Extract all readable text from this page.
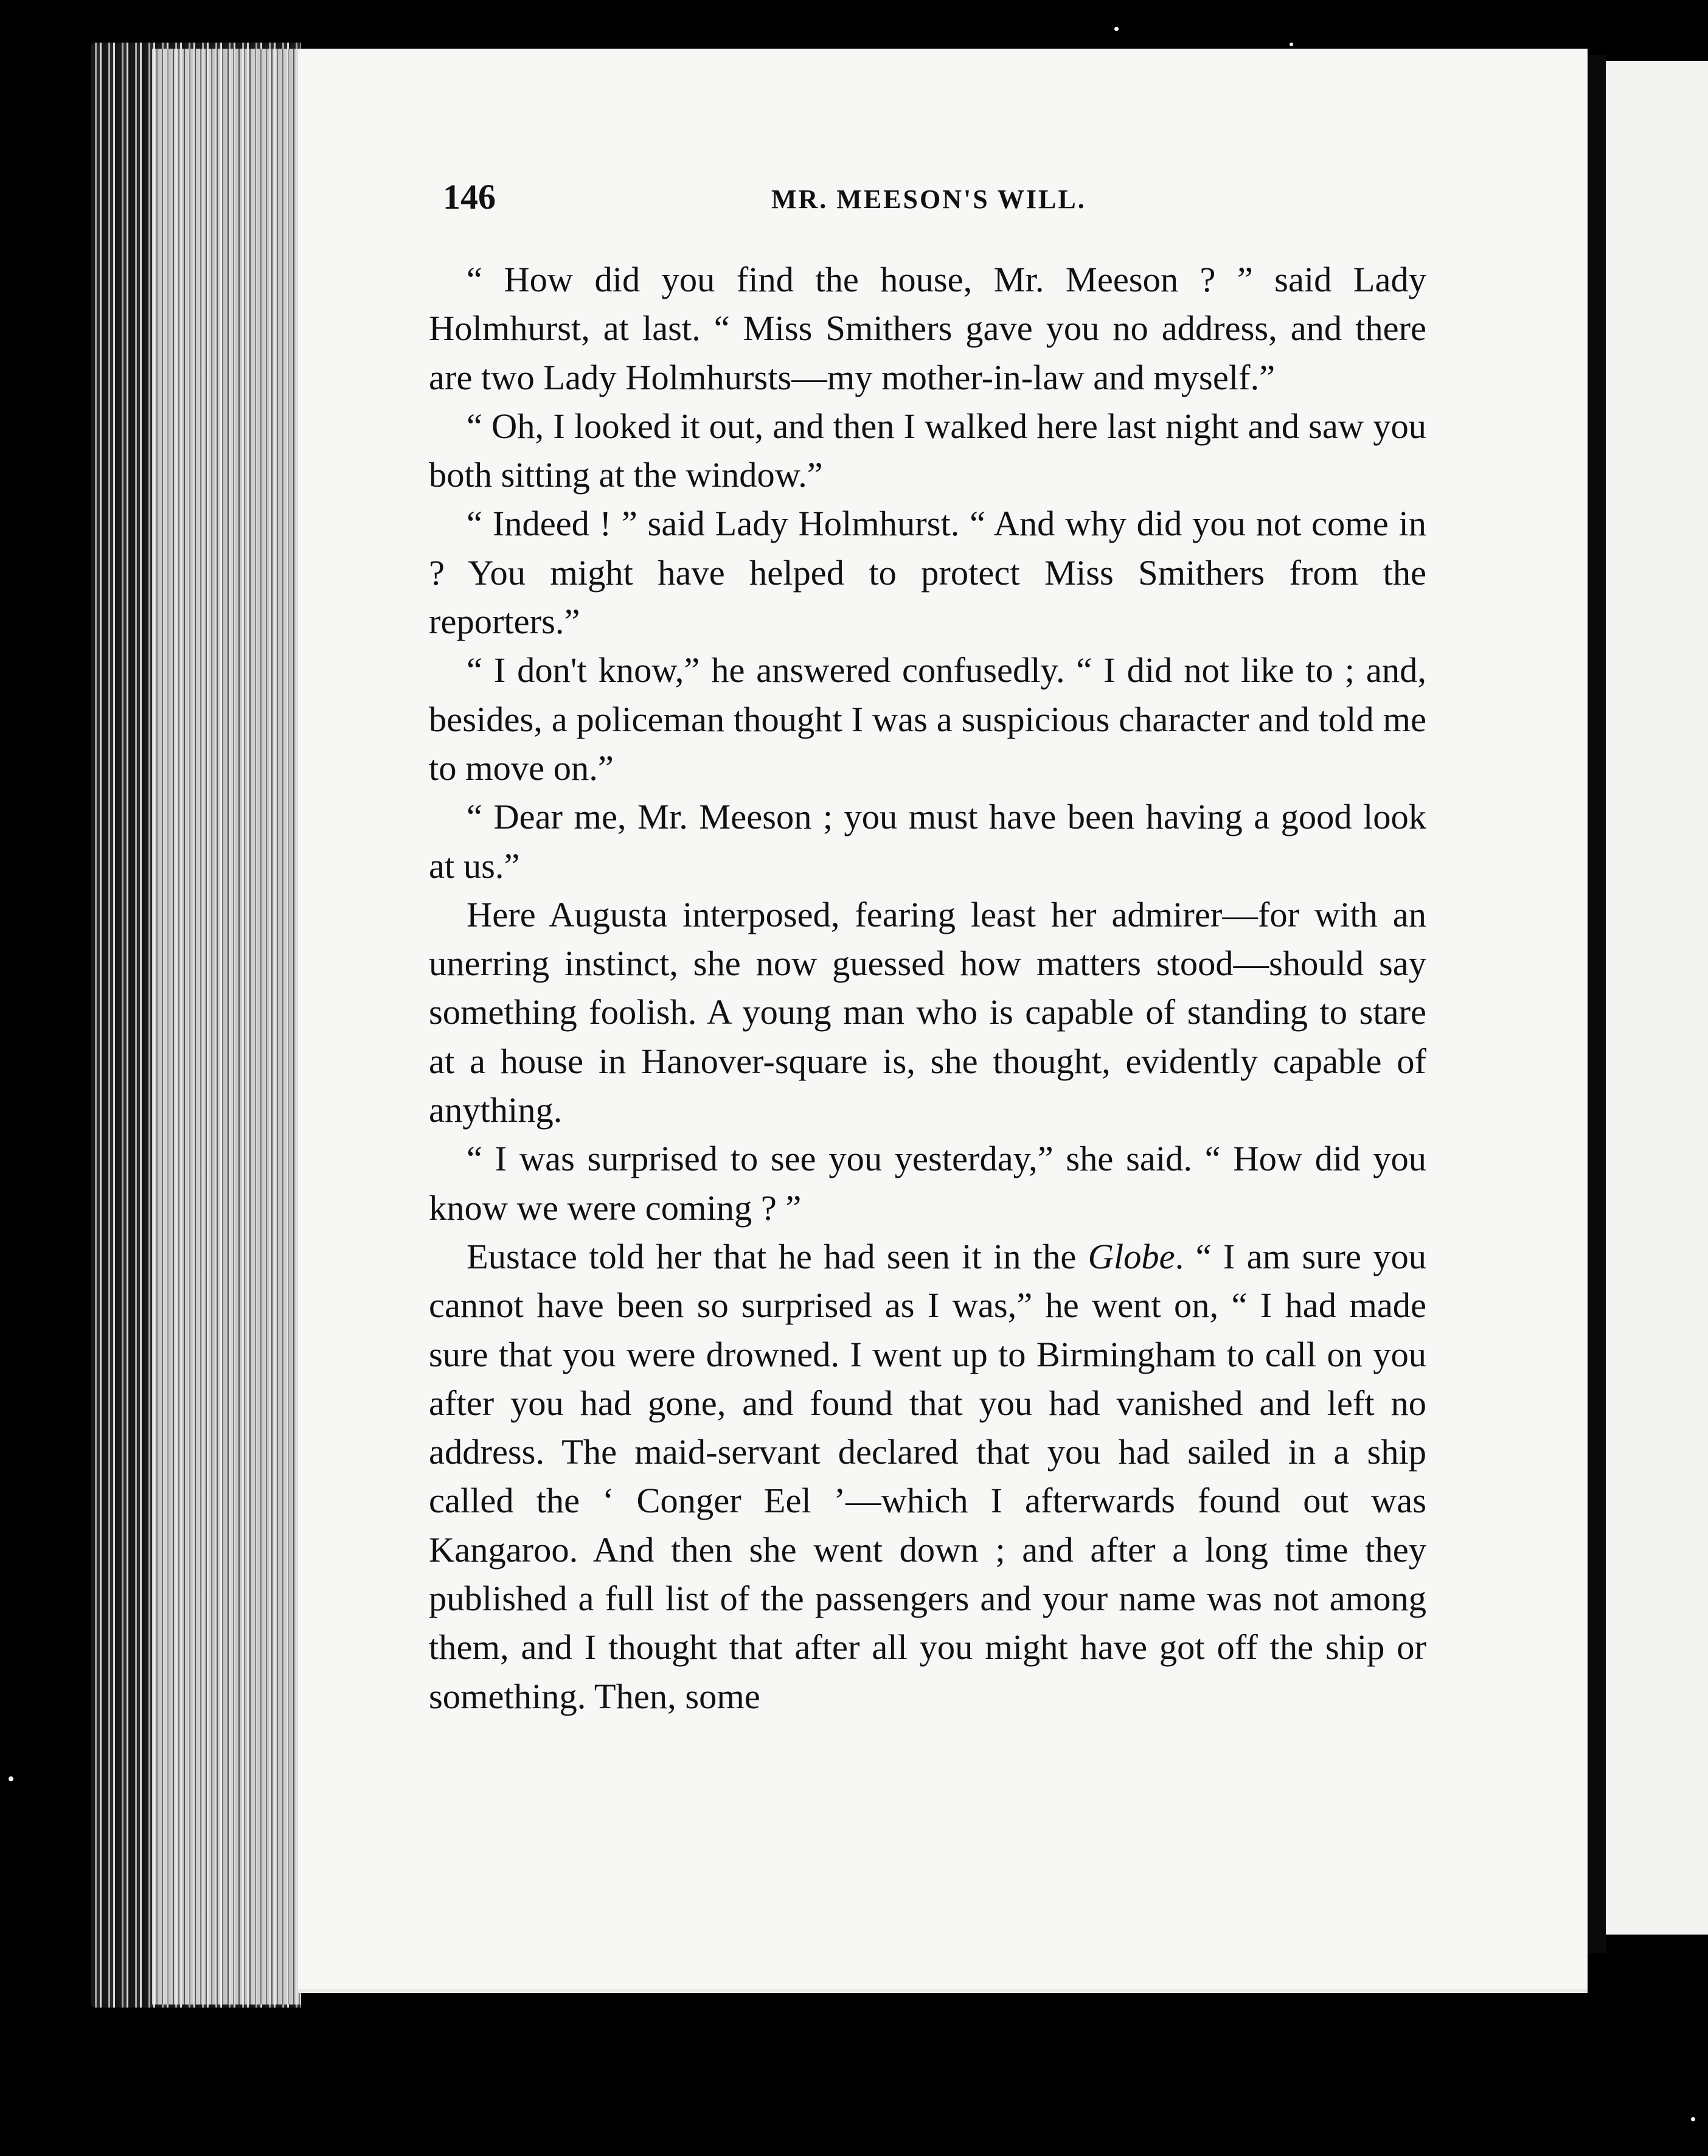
146	MR. MEESON'S WILL.

“ How did you find the house, Mr. Meeson ? ” said Lady Holmhurst, at last. “ Miss Smithers gave you no address, and there are two Lady Holmhursts—my mother-in-law and myself.”

“ Oh, I looked it out, and then I walked here last night and saw you both sitting at the window.”

“ Indeed ! ” said Lady Holmhurst. “ And why did you not come in ? You might have helped to protect Miss Smithers from the reporters.”

“ I don't know,” he answered confusedly. “ I did not like to ; and, besides, a policeman thought I was a suspicious character and told me to move on.”

“ Dear me, Mr. Meeson ; you must have been having a good look at us.”

Here Augusta interposed, fearing least her admirer—for with an unerring instinct, she now guessed how matters stood—should say something foolish. A young man who is capable of standing to stare at a house in Hanover-square is, she thought, evidently capable of anything.

“ I was surprised to see you yesterday,” she said. “ How did you know we were coming ? ”

Eustace told her that he had seen it in the Globe. “ I am sure you cannot have been so surprised as I was,” he went on, “ I had made sure that you were drowned. I went up to Birmingham to call on you after you had gone, and found that you had vanished and left no address. The maid-servant declared that you had sailed in a ship called the ‘ Conger Eel ’—which I afterwards found out was Kangaroo. And then she went down ; and after a long time they published a full list of the passengers and your name was not among them, and I thought that after all you might have got off the ship or something. Then, some
